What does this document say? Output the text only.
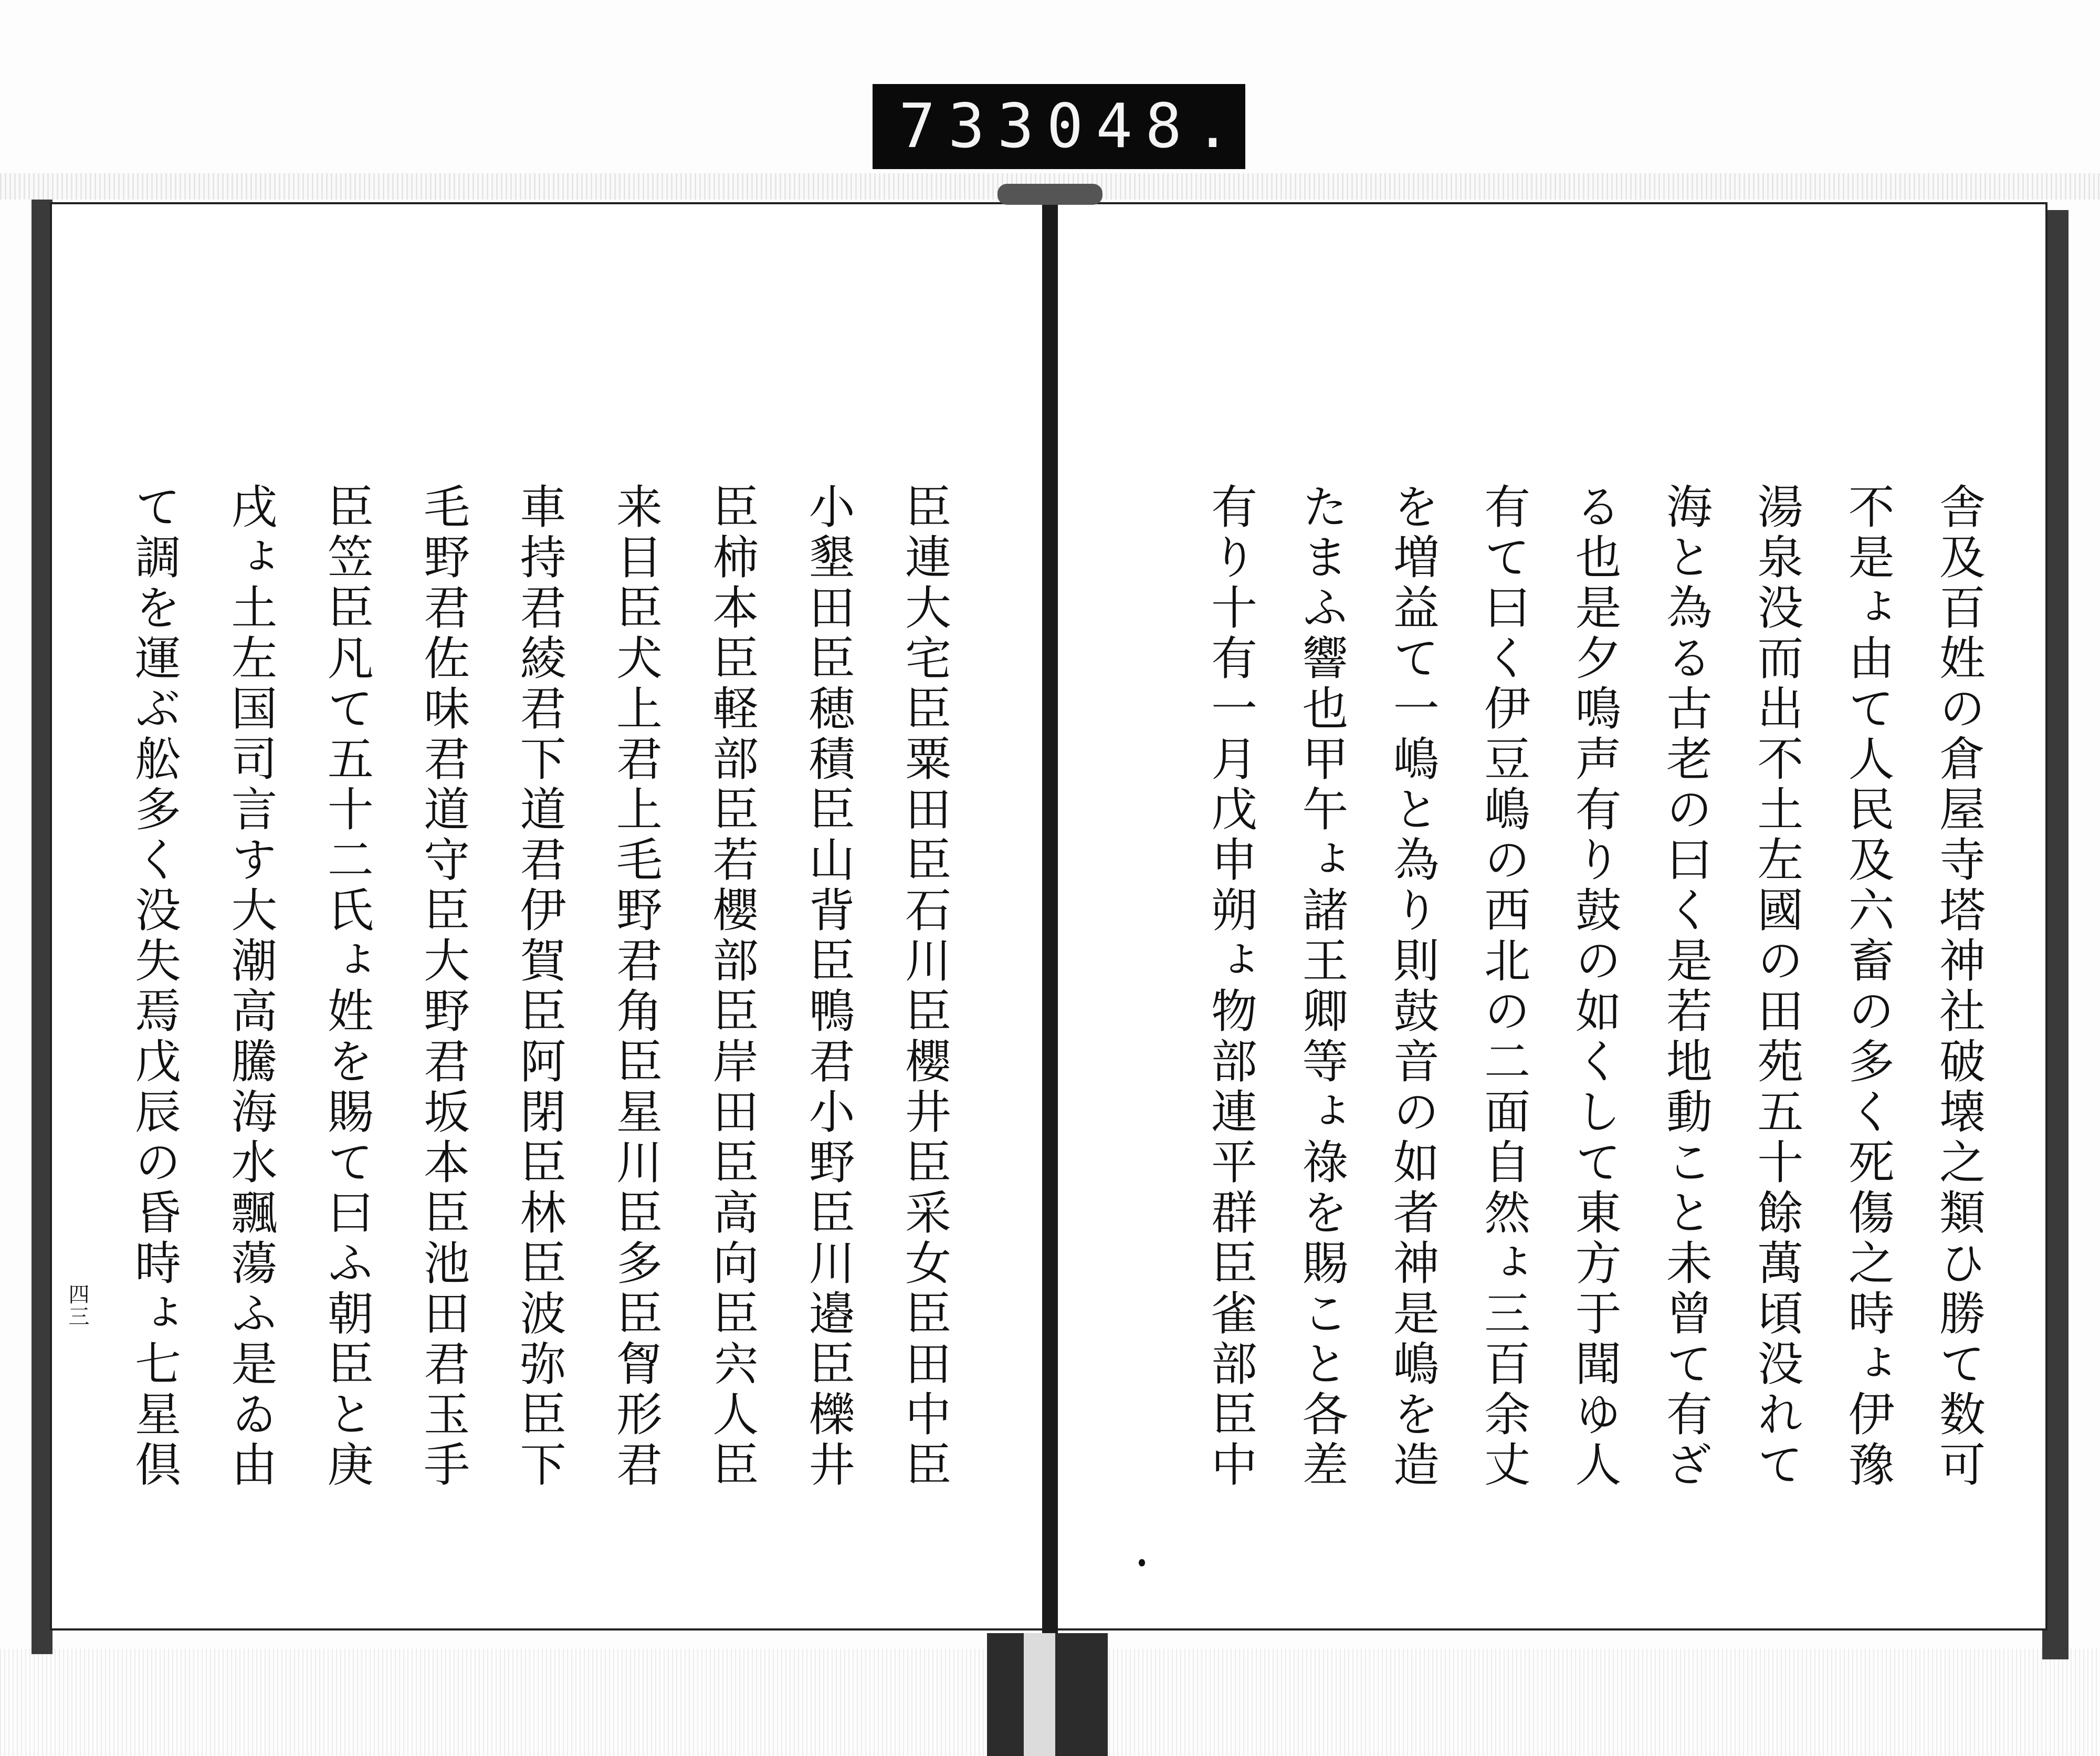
733 048.
臣連大宅臣粟田臣石川臣櫻井臣采女臣田中臣
小墾田臣穂積臣山背臣鴨君小野臣川邉臣櫟井
臣柿本臣軽部臣若櫻部臣岸田臣高向臣宍人臣
来目臣犬上君上毛野君角臣星川臣多臣胷形君
車持君綾君下道君伊賀臣阿閉臣林臣波弥臣下
毛野君佐味君道守臣大野君坂本臣池田君玉手
臣笠臣凡て五十二氏ょ姓を賜て曰ふ朝臣と庚
戌ょ土左国司言す大潮高騰海水飄蕩ふ是ゐ由
て調を運ぶ舩多く没失焉戊辰の昏時ょ七星倶
四三	舎及百姓の倉屋寺塔神社破壊之類ひ勝て数可
不是ょ由て人民及六畜の多く死傷之時ょ伊豫
湯泉没而出不土左國の田苑五十餘萬頃没れて
海と為る古老の曰く是若地動こと未曾て有ざ
る也是夕鳴声有り鼓の如くして東方于聞ゆ人
有て曰く伊豆嶋の西北の二面自然ょ三百余丈
を増益て一嶋と為り則鼓音の如者神是嶋を造
たまふ響也甲午ょ諸王卿等ょ祿を賜こと各差
有り十有一月戊申朔ょ物部連平群臣雀部臣中
